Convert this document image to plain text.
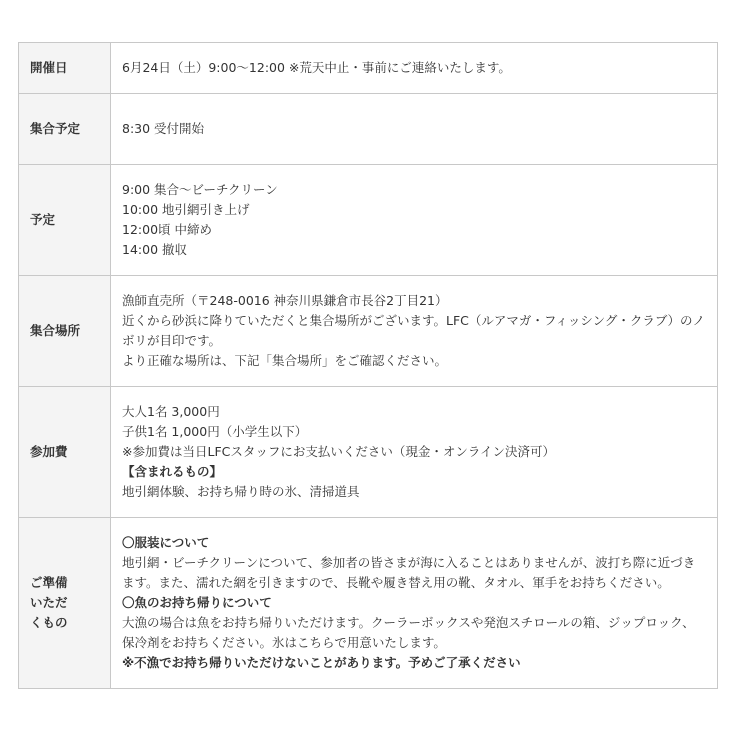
開催日	6月24日（土）9:00〜12:00 ※荒天中止・事前にご連絡いたします。

集合予定	8:30 受付開始

予定	9:00 集合〜ビーチクリーン
10:00 地引網引き上げ
12:00頃 中締め
14:00 撤収

集合場所	漁師直売所（〒248-0016 神奈川県鎌倉市長谷2丁目21）
近くから砂浜に降りていただくと集合場所がございます。LFC（ルアマガ・フィッシング・クラブ）のノボリが目印です。
より正確な場所は、下記「集合場所」をご確認ください。

参加費	大人1名 3,000円
子供1名 1,000円（小学生以下）
※参加費は当日LFCスタッフにお支払いください（現金・オンライン決済可）
【含まれるもの】
地引網体験、お持ち帰り時の氷、清掃道具

ご準備いただくもの	〇服装について
地引網・ビーチクリーンについて、参加者の皆さまが海に入ることはありませんが、波打ち際に近づきます。また、濡れた網を引きますので、長靴や履き替え用の靴、タオル、軍手をお持ちください。
〇魚のお持ち帰りについて
大漁の場合は魚をお持ち帰りいただけます。クーラーボックスや発泡スチロールの箱、ジップロック、保冷剤をお持ちください。氷はこちらで用意いたします。
※不漁でお持ち帰りいただけないことがあります。予めご了承ください
